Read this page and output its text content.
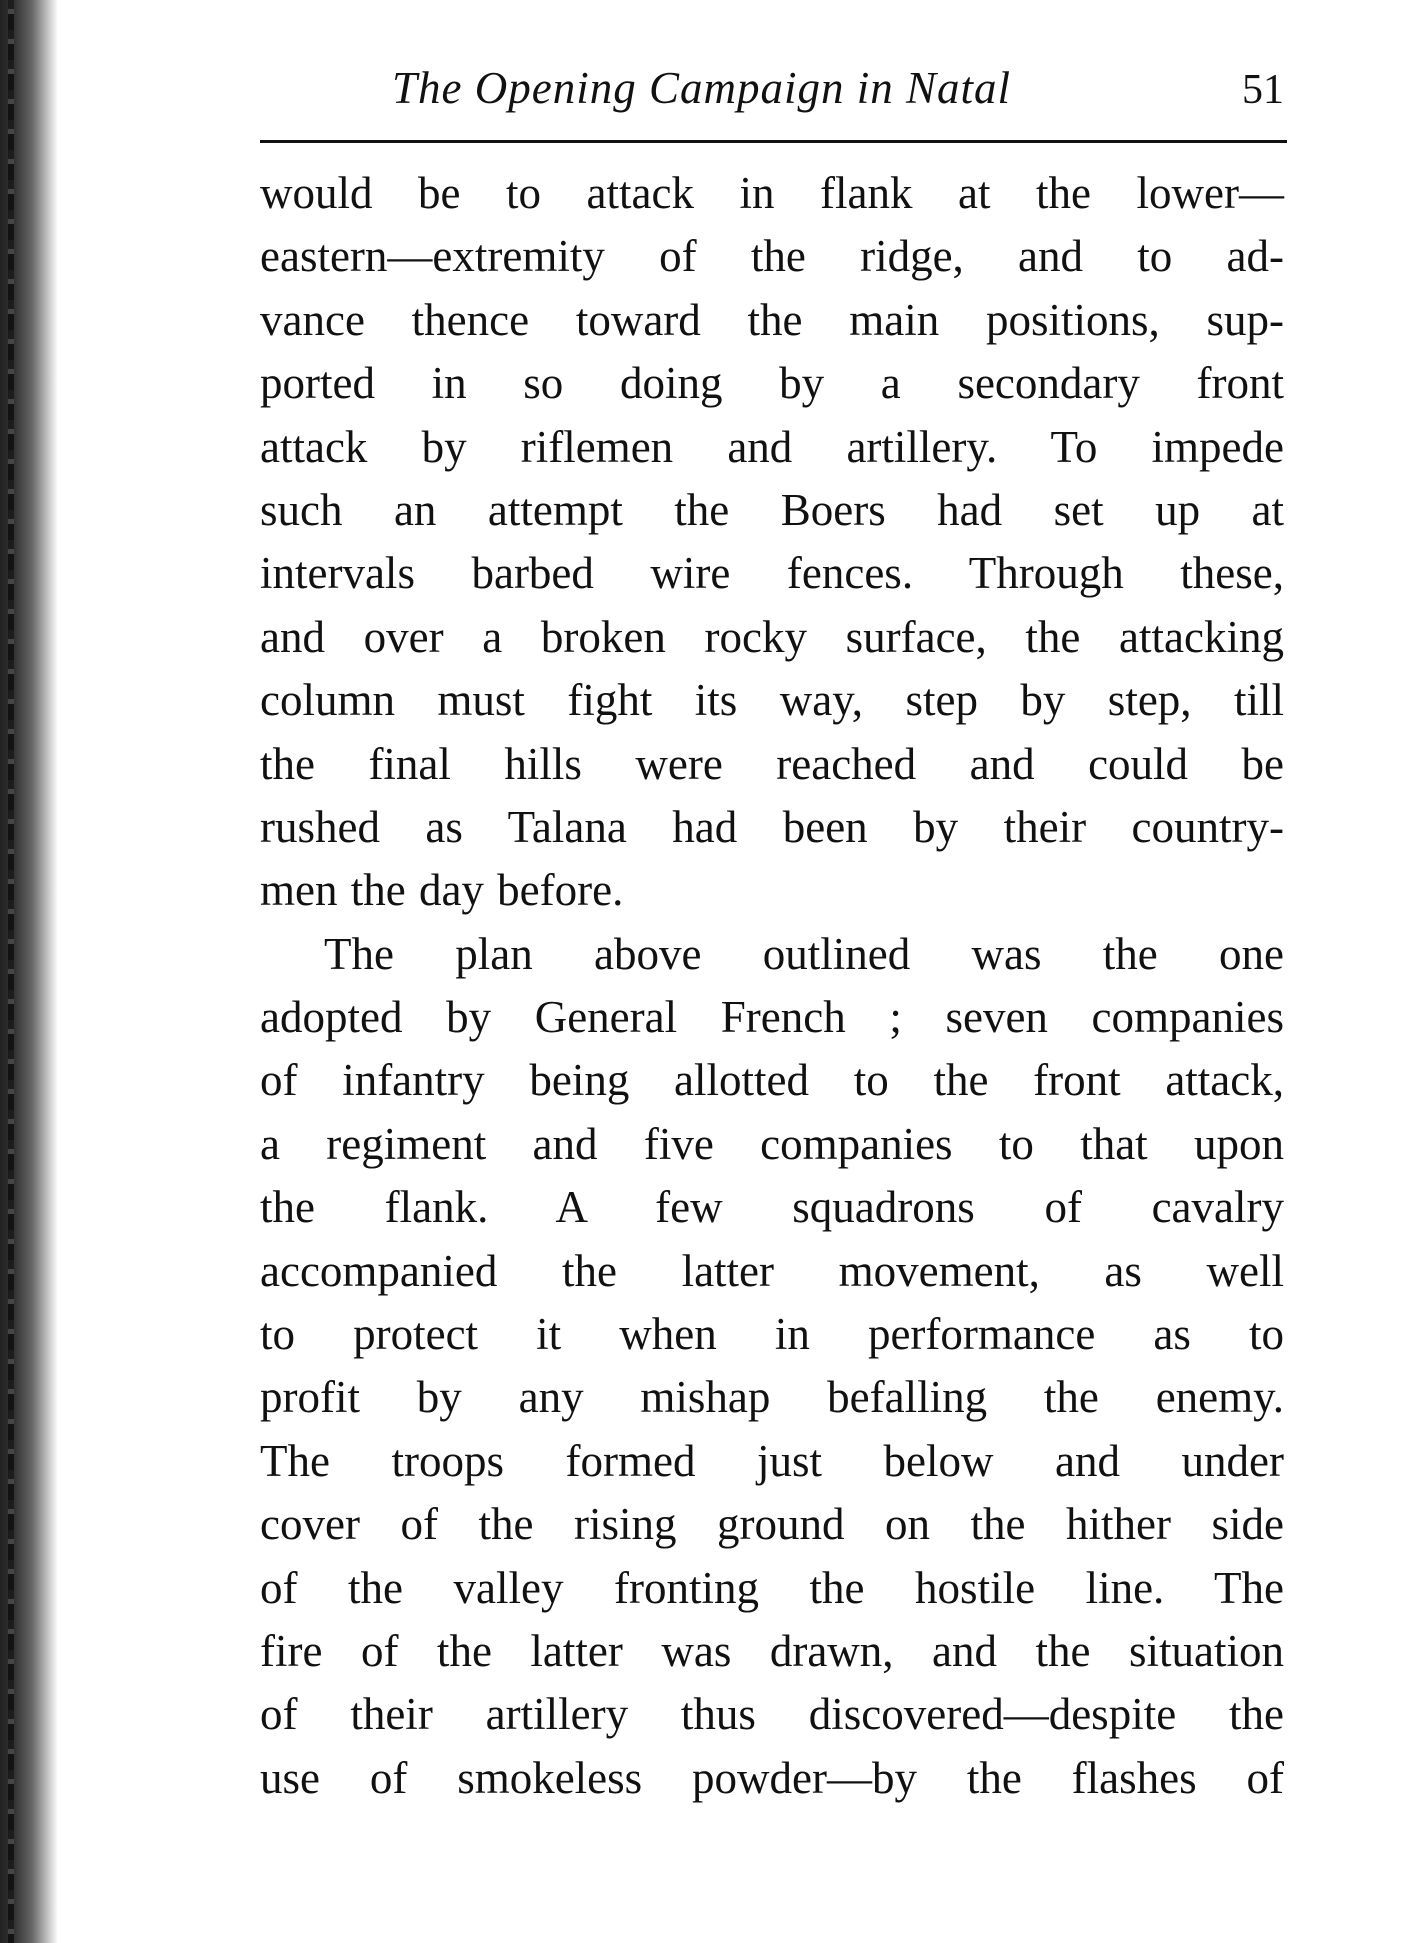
The Opening Campaign in Natal	51
would be to attack in flank at the lower—
eastern—extremity of the ridge, and to ad-
vance thence toward the main positions, sup-
ported in so doing by a secondary front
attack by riflemen and artillery. To impede
such an attempt the Boers had set up at
intervals barbed wire fences. Through these,
and over a broken rocky surface, the attacking
column must fight its way, step by step, till
the final hills were reached and could be
rushed as Talana had been by their country-
men the day before.
The plan above outlined was the one
adopted by General French ; seven companies
of infantry being allotted to the front attack,
a regiment and five companies to that upon
the flank. A few squadrons of cavalry
accompanied the latter movement, as well
to protect it when in performance as to
profit by any mishap befalling the enemy.
The troops formed just below and under
cover of the rising ground on the hither side
of the valley fronting the hostile line. The
fire of the latter was drawn, and the situation
of their artillery thus discovered—despite the
use of smokeless powder—by the flashes of
